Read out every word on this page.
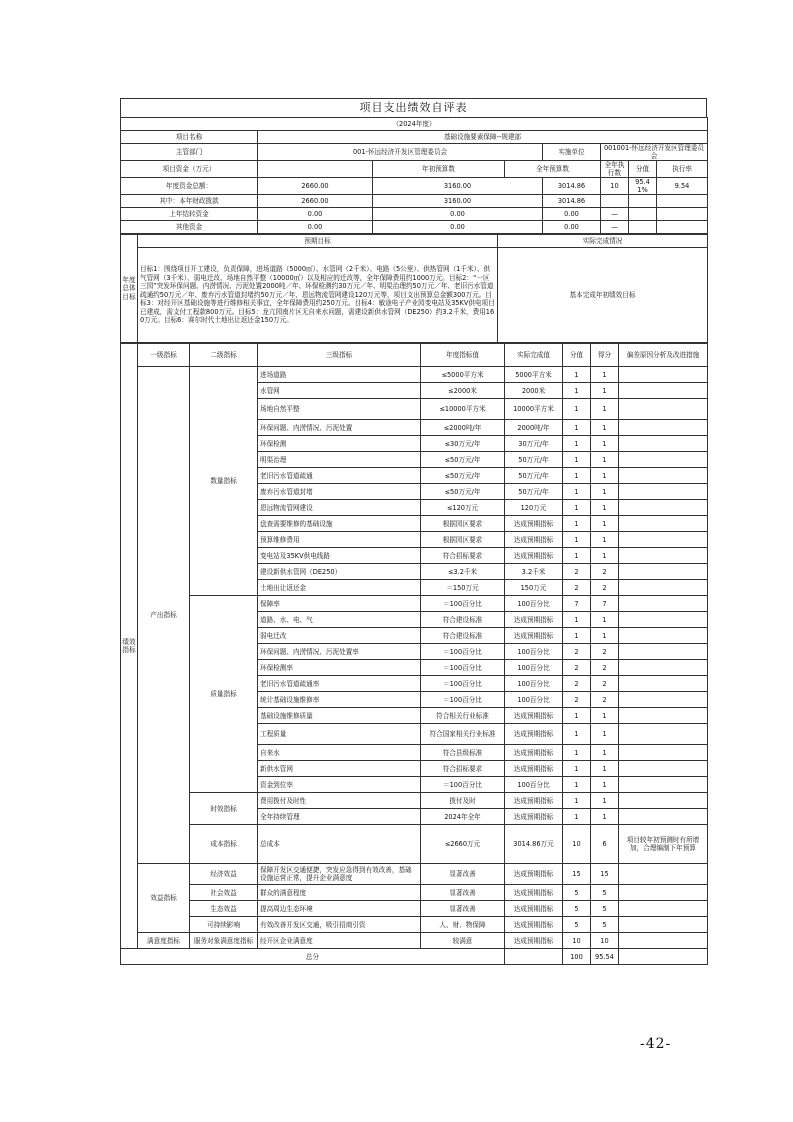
项目支出绩效自评表
（2024年度）							
项目名称	基础设施要素保障--规建部						
主管部门	001-怀远经济开发区管理委员会			实施单位	001001-怀远经济开发区管理委员会		
项目资金（万元）		年初预算数	全年预算数		全年执行数	分值	执行率
年度资金总额：	2660.00	3160.00		3014.86	10	95.41%	9.54
其中：本年财政拨款	2660.00	3160.00		3014.86			
上年结转资金	0.00	0.00		0.00	—		
其他资金	0.00	0.00		0.00	—		
年度总体目标	预期目标	实际完成情况
	目标1：围绕项目开工建设，负责保障，进场道路（5000㎡）、水管网（2千米）、电路（5公里）、供热管网（1千米）、供气管网（3千米）、弱电迁改、场地自然平整（10000㎡）以及相应的迁改等，全年保障费用约1000万元。目标2：“一区三园”突发环保问题、内涝情况、污泥处置2000吨／年、环保检测约30万元／年、明渠治理约50万元／年、老旧污水管道疏通约50万元／年、废弃污水管道封堵约50万元／年、恩远物流管网建设120万元等，项目支出预算总金额300万元。目标3：对经开区基础设施等进行维修相关事宜，全年保障费用约250万元。目标4：敏途电子产业园变电站及35KV供电项目已建成，需支付工程款800万元。目标5：龙亢园南片区无自来水问题，需建设新供水管网（DE250）约3.2千米，费用160万元。目标6：赛尔时代土地出让返还金150万元。	基本完成年初绩效目标
绩效指标	一级指标	二级指标	三级指标	年度指标值	实际完成值	分值	得分	偏差原因分析及改进措施
	产出指标	数量指标	进场道路	≤5000平方米	5000平方米	1	1	
			水管网	≤2000米	2000米	1	1	
			场地自然平整	≤10000平方米	10000平方米	1	1	
			环保问题、内涝情况、污泥处置	≤2000吨/年	2000吨/年	1	1	
			环保检测	≤30万元/年	30万元/年	1	1	
			明渠治理	≤50万元/年	50万元/年	1	1	
			老旧污水管道疏通	≤50万元/年	50万元/年	1	1	
			废弃污水管道封堵	≤50万元/年	50万元/年	1	1	
			恩远物流管网建设	≤120万元	120万元	1	1	
			盘查需要维修的基础设施	根据园区要求	达成预期指标	1	1	
			预算维修费用	根据园区要求	达成预期指标	1	1	
			变电站及35KV供电线路	符合招标要求	达成预期指标	1	1	
			建设新供水管网（DE250）	≤3.2千米	3.2千米	2	2	
			土地出让返还金	＝150万元	150万元	2	2	
		质量指标	保障率	＝100百分比	100百分比	7	7	
			道路、水、电、气	符合建设标准	达成预期指标	1	1	
			弱电迁改	符合建设标准	达成预期指标	1	1	
			环保问题、内涝情况、污泥处置率	＝100百分比	100百分比	2	2	
			环保检测率	＝100百分比	100百分比	2	2	
			老旧污水管道疏通率	＝100百分比	100百分比	2	2	
			统计基础设施维修率	＝100百分比	100百分比	2	2	
			基础设施维修质量	符合相关行业标准	达成预期指标	1	1	
			工程质量	符合国家相关行业标准	达成预期指标	1	1	
			自来水	符合县级标准	达成预期指标	1	1	
			新供水管网	符合招标要求	达成预期指标	1	1	
			资金到位率	＝100百分比	100百分比	1	1	
		时效指标	费用拨付及时性	拨付及时	达成预期指标	1	1	
			全年持续管理	2024年全年	达成预期指标	1	1	
		成本指标	总成本	≤2660万元	3014.86万元	10	6	项目较年初预测时有所增加，合理编制下年预算
	效益指标	经济效益	保障开发区交通便捷，突发应急得到有效改善，基础设施运营正常，提升企业满意度	显著改善	达成预期指标	15	15	
		社会效益	群众的满意程度	显著改善	达成预期指标	5	5	
		生态效益	提高周边生态环境	显著改善	达成预期指标	5	5	
		可持续影响	有效改善开发区交通，吸引招商引资	人、财、物保障	达成预期指标	5	5	
	满意度指标	服务对象满意度指标	经开区企业满意度	较满意	达成预期指标	10	10	
总分						100	95.54	
-42-
